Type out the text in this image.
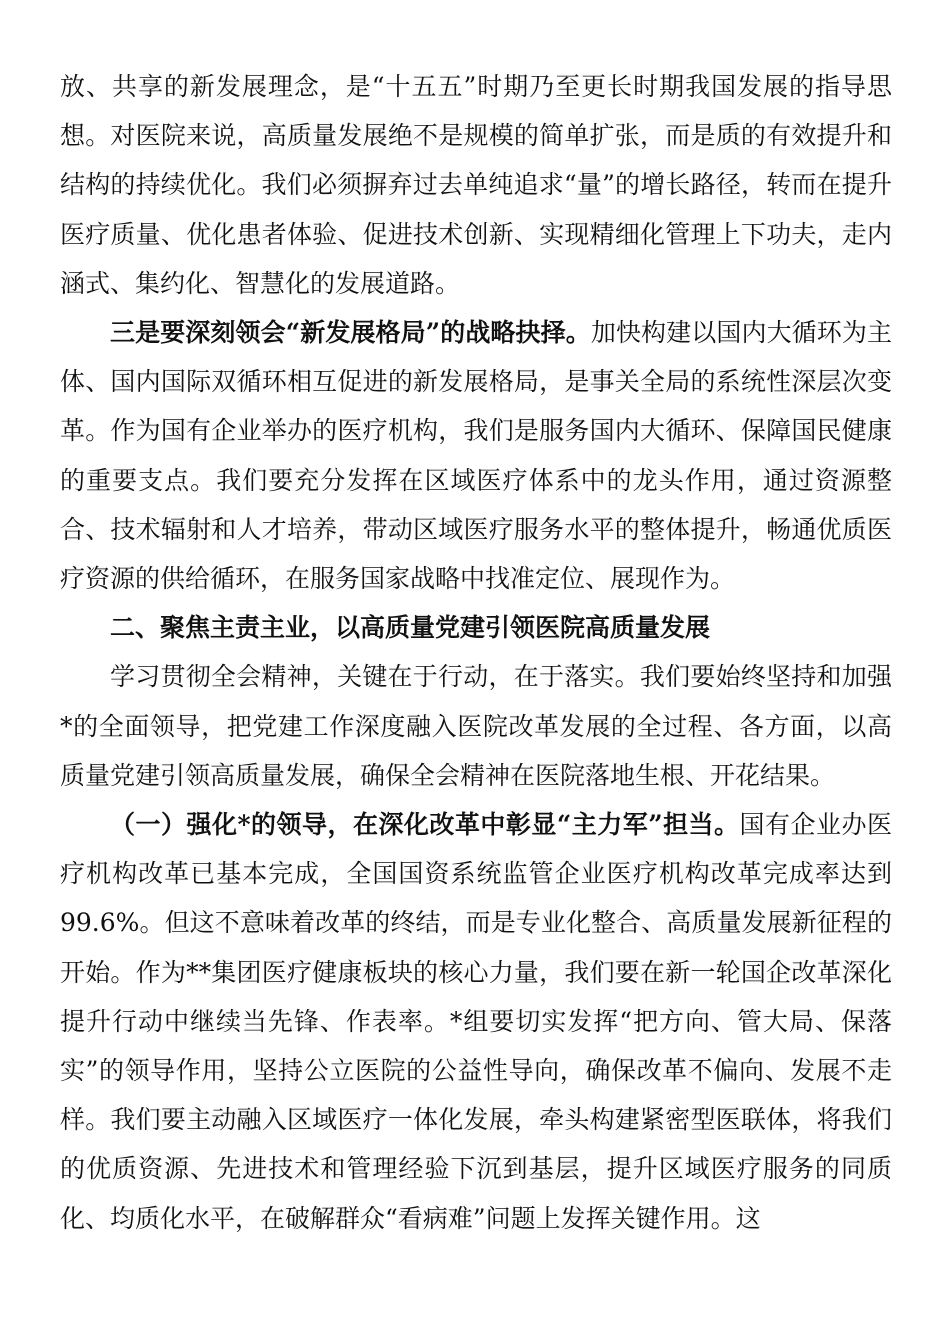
放、共享的新发展理念，是“十五五”时期乃至更长时期我国发展的指导思想。对医院来说，高质量发展绝不是规模的简单扩张，而是质的有效提升和结构的持续优化。我们必须摒弃过去单纯追求“量”的增长路径，转而在提升医疗质量、优化患者体验、促进技术创新、实现精细化管理上下功夫，走内涵式、集约化、智慧化的发展道路。

三是要深刻领会“新发展格局”的战略抉择。加快构建以国内大循环为主体、国内国际双循环相互促进的新发展格局，是事关全局的系统性深层次变革。作为国有企业举办的医疗机构，我们是服务国内大循环、保障国民健康的重要支点。我们要充分发挥在区域医疗体系中的龙头作用，通过资源整合、技术辐射和人才培养，带动区域医疗服务水平的整体提升，畅通优质医疗资源的供给循环，在服务国家战略中找准定位、展现作为。

二、聚焦主责主业，以高质量党建引领医院高质量发展

学习贯彻全会精神，关键在于行动，在于落实。我们要始终坚持和加强*的全面领导，把党建工作深度融入医院改革发展的全过程、各方面，以高质量党建引领高质量发展，确保全会精神在医院落地生根、开花结果。

（一）强化*的领导，在深化改革中彰显“主力军”担当。国有企业办医疗机构改革已基本完成，全国国资系统监管企业医疗机构改革完成率达到99.6%。但这不意味着改革的终结，而是专业化整合、高质量发展新征程的开始。作为**集团医疗健康板块的核心力量，我们要在新一轮国企改革深化提升行动中继续当先锋、作表率。*组要切实发挥“把方向、管大局、保落实”的领导作用，坚持公立医院的公益性导向，确保改革不偏向、发展不走样。我们要主动融入区域医疗一体化发展，牵头构建紧密型医联体，将我们的优质资源、先进技术和管理经验下沉到基层，提升区域医疗服务的同质化、均质化水平，在破解群众“看病难”问题上发挥关键作用。这
